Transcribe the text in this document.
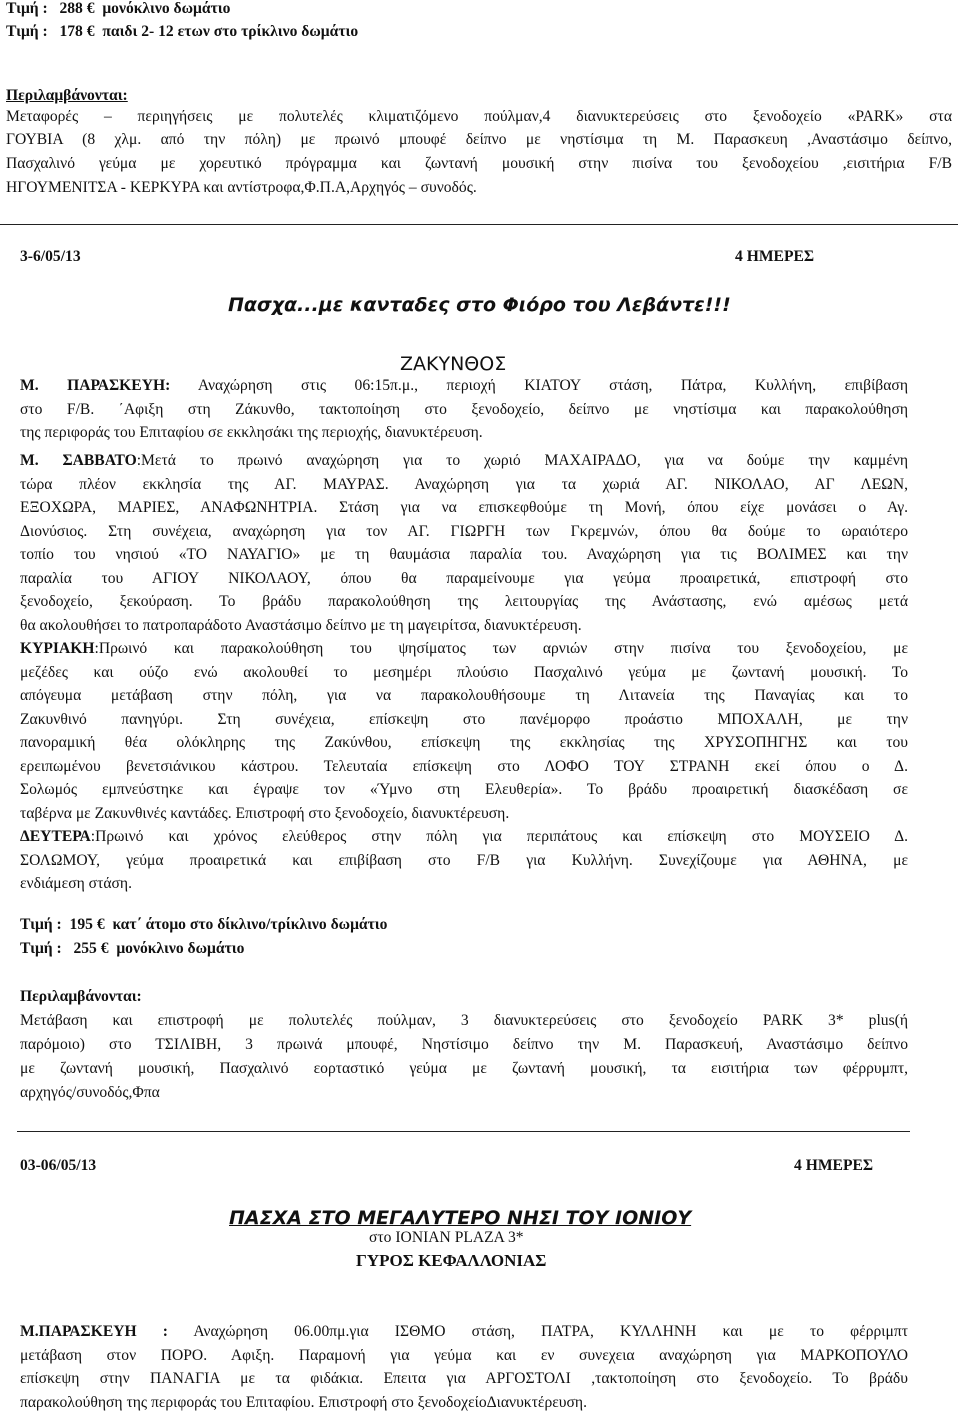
Τιμή : 288 € μονόκλινο δωμάτιο
Τιμή : 178 € παιδι 2- 12 ετων στο τρίκλινο δωμάτιο
Περιλαμβάνονται:
Μεταφορές – περιηγήσεις με πολυτελές κλιματιζόμενο πούλμαν,4 διανυκτερεύσεις στο ξενοδοχείο «PARK» στα
ΓΟΥΒΙΑ (8 χλμ. από την πόλη) με πρωινό μπουφέ δείπνο με νηστίσιμα τη Μ. Παρασκευη ,Αναστάσιμο δείπνο,
Πασχαλινό γεύμα με χορευτικό πρόγραμμα και ζωντανή μουσική στην πισίνα του ξενοδοχείου ,εισιτήρια F/B
ΗΓΟΥΜΕΝΙΤΣΑ - ΚΕΡΚΥΡΑ και αντίστροφα,Φ.Π.Α,Αρχηγός – συνοδός.
3-6/05/13	4 ΗΜΕΡΕΣ
Πασχα...με κανταδες στο Φιόρο του Λεβάντε!!!
ΖΑΚΥΝΘΟΣ
Μ. ΠΑΡΑΣΚΕΥΗ: Αναχώρηση στις 06:15π.μ., περιοχή ΚΙΑΤΟΥ στάση, Πάτρα, Κυλλήνη, επιβίβαση
στο F/B. ΄Αφιξη στη Ζάκυνθο, τακτοποίηση στο ξενοδοχείο, δείπνο με νηστίσιμα και παρακολούθηση
της περιφοράς του Επιταφίου σε εκκλησάκι της περιοχής, διανυκτέρευση.
Μ. ΣΑΒΒΑΤΟ:Μετά το πρωινό αναχώρηση για το χωριό ΜΑΧΑΙΡΑΔΟ, για να δούμε την καμμένη
τώρα πλέον εκκλησία της ΑΓ. ΜΑΥΡΑΣ. Αναχώρηση για τα χωριά ΑΓ. ΝΙΚΟΛΑΟ, ΑΓ ΛΕΩΝ,
ΕΞΟΧΩΡΑ, ΜΑΡΙΕΣ, ΑΝΑΦΩΝΗΤΡΙΑ. Στάση για να επισκεφθούμε τη Μονή, όπου είχε μονάσει ο Αγ.
Διονύσιος. Στη συνέχεια, αναχώρηση για τον ΑΓ. ΓΙΩΡΓΗ των Γκρεμνών, όπου θα δούμε το ωραιότερο
τοπίο του νησιού «ΤΟ ΝΑΥΑΓΙΟ» με τη θαυμάσια παραλία του. Αναχώρηση για τις ΒΟΛΙΜΕΣ και την
παραλία του ΑΓΙΟΥ ΝΙΚΟΛΑΟΥ, όπου θα παραμείνουμε για γεύμα προαιρετικά, επιστροφή στο
ξενοδοχείο, ξεκούραση. Το βράδυ παρακολούθηση της λειτουργίας της Ανάστασης, ενώ αμέσως μετά
θα ακολουθήσει το πατροπαράδοτο Αναστάσιμο δείπνο με τη μαγειρίτσα, διανυκτέρευση.
ΚΥΡΙΑΚΗ:Πρωινό και παρακολούθηση του ψησίματος των αρνιών στην πισίνα του ξενοδοχείου, με
μεζέδες και ούζο ενώ ακολουθεί το μεσημέρι πλούσιο Πασχαλινό γεύμα με ζωντανή μουσική. Το
απόγευμα μετάβαση στην πόλη, για να παρακολουθήσουμε τη Λιτανεία της Παναγίας και το
Ζακυνθινό πανηγύρι. Στη συνέχεια, επίσκεψη στο πανέμορφο προάστιο ΜΠΟΧΑΛΗ, με την
πανοραμική θέα ολόκληρης της Ζακύνθου, επίσκεψη της εκκλησίας της ΧΡΥΣΟΠΗΓΗΣ και του
ερειπωμένου βενετσιάνικου κάστρου. Τελευταία επίσκεψη στο ΛΟΦΟ ΤΟΥ ΣΤΡΑΝΗ εκεί όπου ο Δ.
Σολωμός εμπνεύστηκε και έγραψε τον «Ύμνο στη Ελευθερία». Το βράδυ προαιρετική διασκέδαση σε
ταβέρνα με Ζακυνθινές καντάδες. Επιστροφή στο ξενοδοχείο, διανυκτέρευση.
ΔΕΥΤΕΡΑ:Πρωινό και χρόνος ελεύθερος στην πόλη για περιπάτους και επίσκεψη στο ΜΟΥΣΕΙΟ Δ.
ΣΟΛΩΜΟΥ, γεύμα προαιρετικά και επιβίβαση στο F/B για Κυλλήνη. Συνεχίζουμε για ΑΘΗΝΑ, με
ενδιάμεση στάση.
Τιμή : 195 € κατ΄ άτομο στο δίκλινο/τρίκλινο δωμάτιο
Τιμή : 255 € μονόκλινο δωμάτιο
Περιλαμβάνονται:
Μετάβαση και επιστροφή με πολυτελές πούλμαν, 3 διανυκτερεύσεις στο ξενοδοχείο PARK 3* plus(ή
παρόμοιο) στο ΤΣΙΛΙΒΗ, 3 πρωινά μπουφέ, Νηστίσιμο δείπνο την Μ. Παρασκευή, Αναστάσιμο δείπνο
με ζωντανή μουσική, Πασχαλινό εορταστικό γεύμα με ζωντανή μουσική, τα εισιτήρια των φέρρυμπτ,
αρχηγός/συνοδός,Φπα
03-06/05/13	4 ΗΜΕΡΕΣ
ΠΑΣΧΑ ΣΤΟ ΜΕΓΑΛΥΤΕΡΟ ΝΗΣΙ ΤΟΥ ΙΟΝΙΟΥ
στο IONIAN PLAZA 3*
ΓΥΡΟΣ ΚΕΦΑΛΛΟΝΙΑΣ
Μ.ΠΑΡΑΣΚΕΥΗ : Αναχώρηση 06.00πμ.για ΙΣΘΜΟ στάση, ΠΑΤΡΑ, ΚΥΛΛΗΝΗ και με το φέρριμπτ
μετάβαση στον ΠΟΡΟ. Αφιξη. Παραμονή για γεύμα και εν συνεχεια αναχώρηση για ΜΑΡΚΟΠΟΥΛΟ
επίσκεψη στην ΠΑΝΑΓΙΑ με τα φιδάκια. Επειτα για ΑΡΓΟΣΤΟΛΙ ,τακτοποίηση στο ξενοδοχείο. Το βράδυ
παρακολούθηση της περιφοράς του Επιταφίου. Επιστροφή στο ξενοδοχείοΔιανυκτέρευση.
